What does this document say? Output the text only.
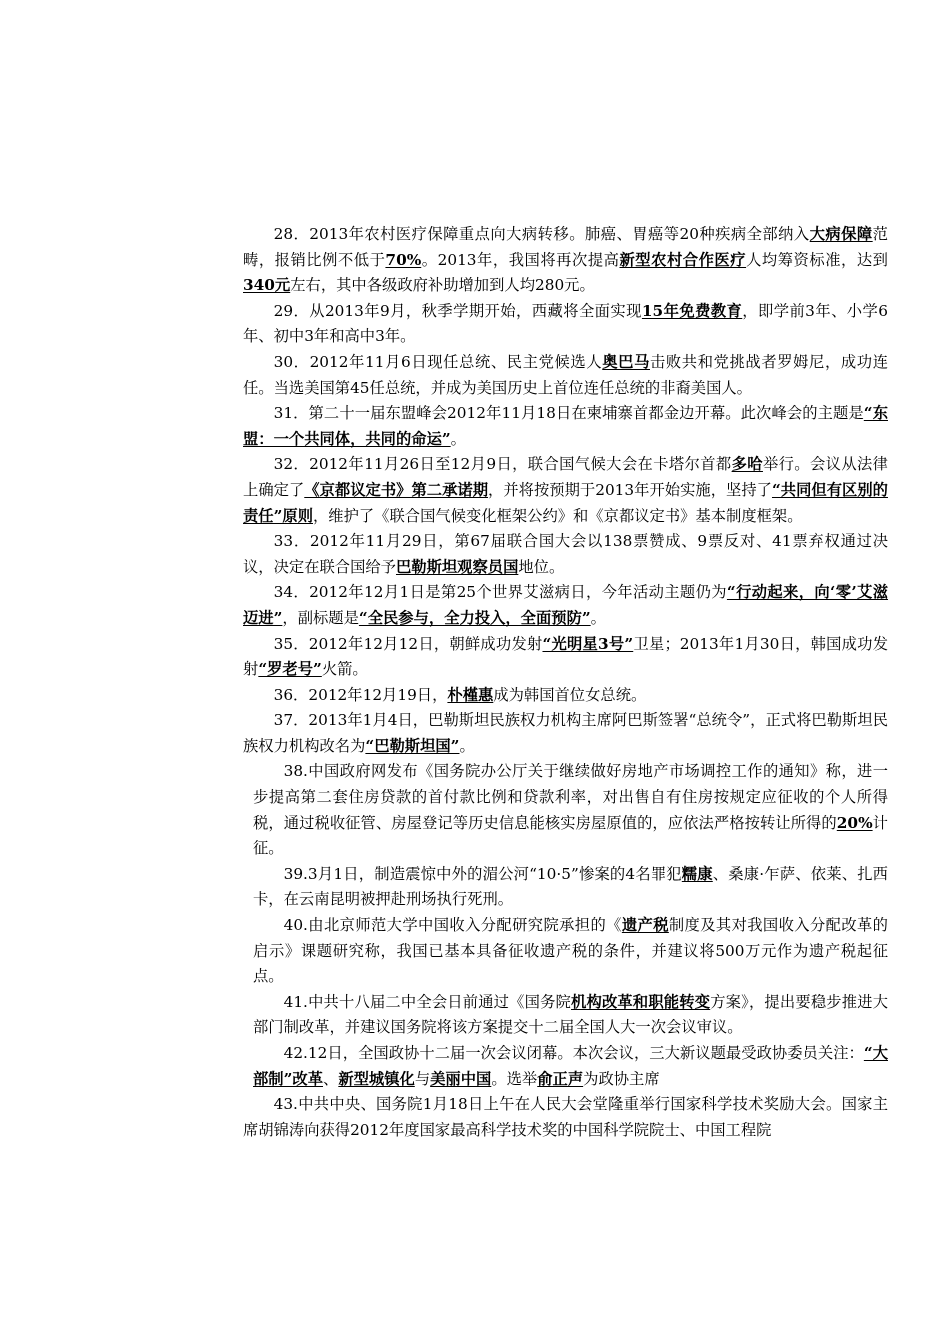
28．2013年农村医疗保障重点向大病转移。肺癌、胃癌等20种疾病全部纳入大病保障范畴，报销比例不低于70%。2013年，我国将再次提高新型农村合作医疗人均筹资标准，达到340元左右，其中各级政府补助增加到人均280元。

29．从2013年9月，秋季学期开始，西藏将全面实现15年免费教育，即学前3年、小学6年、初中3年和高中3年。

30．2012年11月6日现任总统、民主党候选人奥巴马击败共和党挑战者罗姆尼，成功连任。当选美国第45任总统，并成为美国历史上首位连任总统的非裔美国人。

31．第二十一届东盟峰会2012年11月18日在柬埔寨首都金边开幕。此次峰会的主题是“东盟：一个共同体，共同的命运”。

32．2012年11月26日至12月9日，联合国气候大会在卡塔尔首都多哈举行。会议从法律上确定了《京都议定书》第二承诺期，并将按预期于2013年开始实施，坚持了“共同但有区别的责任”原则，维护了《联合国气候变化框架公约》和《京都议定书》基本制度框架。

33．2012年11月29日，第67届联合国大会以138票赞成、9票反对、41票弃权通过决议，决定在联合国给予巴勒斯坦观察员国地位。

34．2012年12月1日是第25个世界艾滋病日，今年活动主题仍为“行动起来，向‘零’艾滋迈进”，副标题是“全民参与，全力投入，全面预防”。

35．2012年12月12日，朝鲜成功发射“光明星3号”卫星；2013年1月30日，韩国成功发射“罗老号”火箭。

36．2012年12月19日，朴槿惠成为韩国首位女总统。

37．2013年1月4日，巴勒斯坦民族权力机构主席阿巴斯签署“总统令”，正式将巴勒斯坦民族权力机构改名为“巴勒斯坦国”。

38.中国政府网发布《国务院办公厅关于继续做好房地产市场调控工作的通知》称，进一步提高第二套住房贷款的首付款比例和贷款利率，对出售自有住房按规定应征收的个人所得税，通过税收征管、房屋登记等历史信息能核实房屋原值的，应依法严格按转让所得的20%计征。

39.3月1日，制造震惊中外的湄公河“10·5”惨案的4名罪犯糯康、桑康·乍萨、依莱、扎西卡，在云南昆明被押赴刑场执行死刑。

40.由北京师范大学中国收入分配研究院承担的《遗产税制度及其对我国收入分配改革的启示》课题研究称，我国已基本具备征收遗产税的条件，并建议将500万元作为遗产税起征点。

41.中共十八届二中全会日前通过《国务院机构改革和职能转变方案》，提出要稳步推进大部门制改革，并建议国务院将该方案提交十二届全国人大一次会议审议。

42.12日，全国政协十二届一次会议闭幕。本次会议，三大新议题最受政协委员关注：“大部制”改革、新型城镇化与美丽中国。选举俞正声为政协主席

43.中共中央、国务院1月18日上午在人民大会堂隆重举行国家科学技术奖励大会。国家主席胡锦涛向获得2012年度国家最高科学技术奖的中国科学院院士、中国工程院
